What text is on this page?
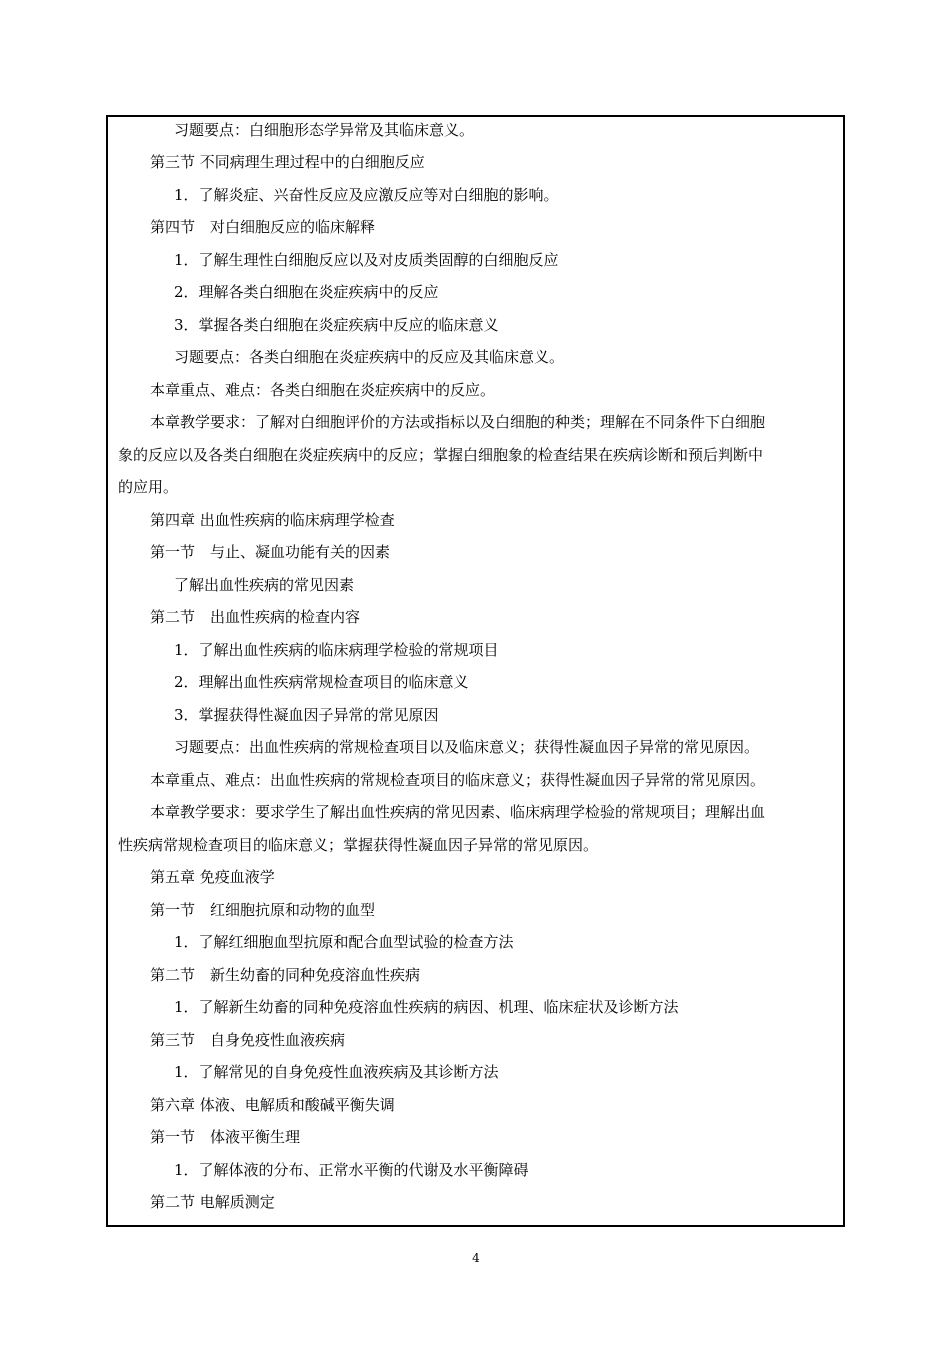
习题要点：白细胞形态学异常及其临床意义。
第三节 不同病理生理过程中的白细胞反应
1．了解炎症、兴奋性反应及应激反应等对白细胞的影响。
第四节　对白细胞反应的临床解释
1．了解生理性白细胞反应以及对皮质类固醇的白细胞反应
2．理解各类白细胞在炎症疾病中的反应
3．掌握各类白细胞在炎症疾病中反应的临床意义
习题要点：各类白细胞在炎症疾病中的反应及其临床意义。
本章重点、难点：各类白细胞在炎症疾病中的反应。
本章教学要求：了解对白细胞评价的方法或指标以及白细胞的种类；理解在不同条件下白细胞
象的反应以及各类白细胞在炎症疾病中的反应；掌握白细胞象的检查结果在疾病诊断和预后判断中
的应用。
第四章 出血性疾病的临床病理学检查
第一节　与止、凝血功能有关的因素
了解出血性疾病的常见因素
第二节　出血性疾病的检查内容
1．了解出血性疾病的临床病理学检验的常规项目
2．理解出血性疾病常规检查项目的临床意义
3．掌握获得性凝血因子异常的常见原因
习题要点：出血性疾病的常规检查项目以及临床意义；获得性凝血因子异常的常见原因。
本章重点、难点：出血性疾病的常规检查项目的临床意义；获得性凝血因子异常的常见原因。
本章教学要求：要求学生了解出血性疾病的常见因素、临床病理学检验的常规项目；理解出血
性疾病常规检查项目的临床意义；掌握获得性凝血因子异常的常见原因。
第五章 免疫血液学
第一节　红细胞抗原和动物的血型
1．了解红细胞血型抗原和配合血型试验的检查方法
第二节　新生幼畜的同种免疫溶血性疾病
1．了解新生幼畜的同种免疫溶血性疾病的病因、机理、临床症状及诊断方法
第三节　自身免疫性血液疾病
1．了解常见的自身免疫性血液疾病及其诊断方法
第六章 体液、电解质和酸碱平衡失调
第一节　体液平衡生理
1．了解体液的分布、正常水平衡的代谢及水平衡障碍
第二节 电解质测定
4
